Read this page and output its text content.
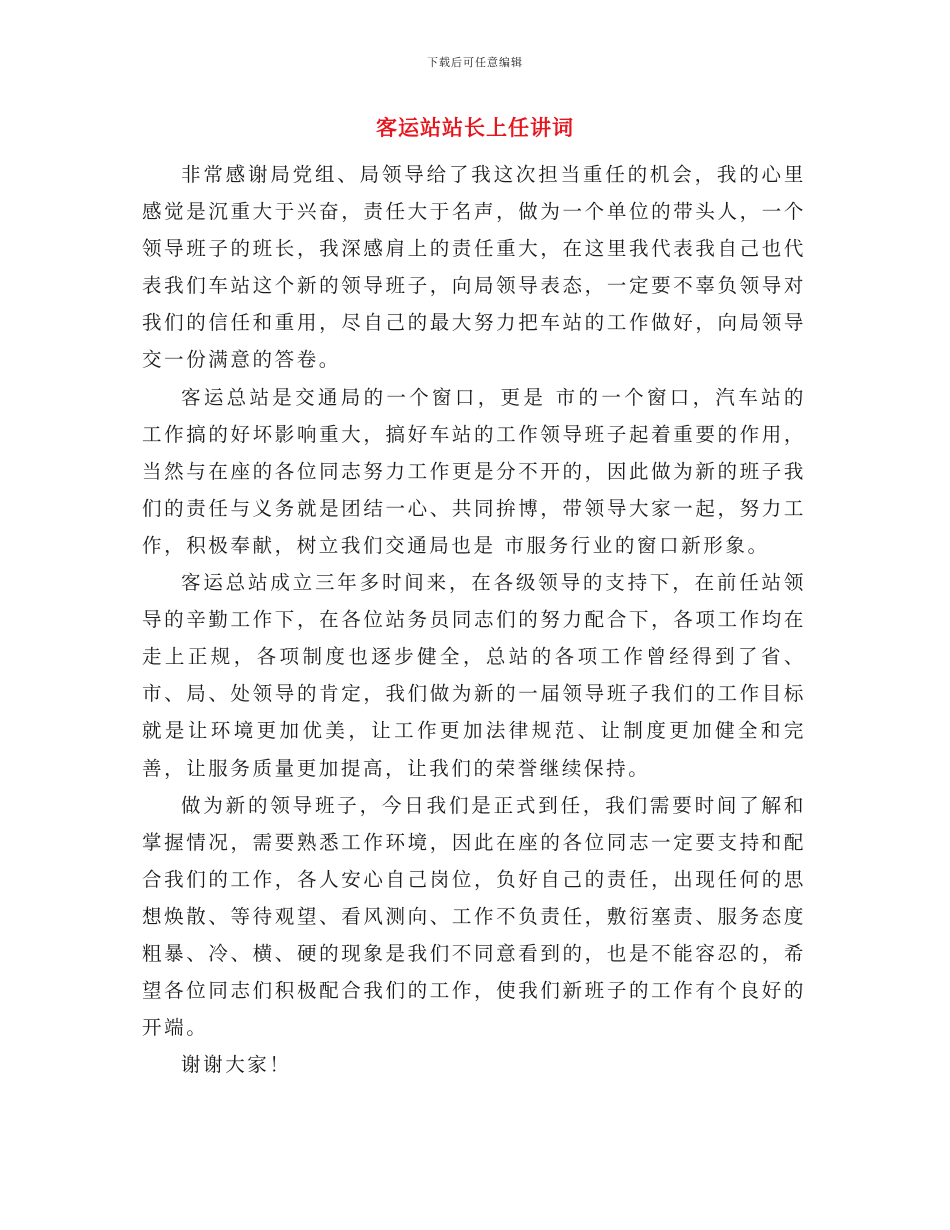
下载后可任意编辑
客运站站长上任讲词

非常感谢局党组、局领导给了我这次担当重任的机会，我的心里感觉是沉重大于兴奋，责任大于名声，做为一个单位的带头人，一个领导班子的班长，我深感肩上的责任重大，在这里我代表我自己也代表我们车站这个新的领导班子，向局领导表态，一定要不辜负领导对我们的信任和重用，尽自己的最大努力把车站的工作做好，向局领导交一份满意的答卷。

客运总站是交通局的一个窗口，更是 市的一个窗口，汽车站的工作搞的好坏影响重大，搞好车站的工作领导班子起着重要的作用，当然与在座的各位同志努力工作更是分不开的，因此做为新的班子我们的责任与义务就是团结一心、共同拚博，带领导大家一起，努力工作，积极奉献，树立我们交通局也是 市服务行业的窗口新形象。

客运总站成立三年多时间来，在各级领导的支持下，在前任站领导的辛勤工作下，在各位站务员同志们的努力配合下，各项工作均在走上正规，各项制度也逐步健全，总站的各项工作曾经得到了省、市、局、处领导的肯定，我们做为新的一届领导班子我们的工作目标就是让环境更加优美，让工作更加法律规范、让制度更加健全和完善，让服务质量更加提高，让我们的荣誉继续保持。

做为新的领导班子，今日我们是正式到任，我们需要时间了解和掌握情况，需要熟悉工作环境，因此在座的各位同志一定要支持和配合我们的工作，各人安心自己岗位，负好自己的责任，出现任何的思想焕散、等待观望、看风测向、工作不负责任，敷衍塞责、服务态度粗暴、冷、横、硬的现象是我们不同意看到的，也是不能容忍的，希望各位同志们积极配合我们的工作，使我们新班子的工作有个良好的开端。

谢谢大家！
